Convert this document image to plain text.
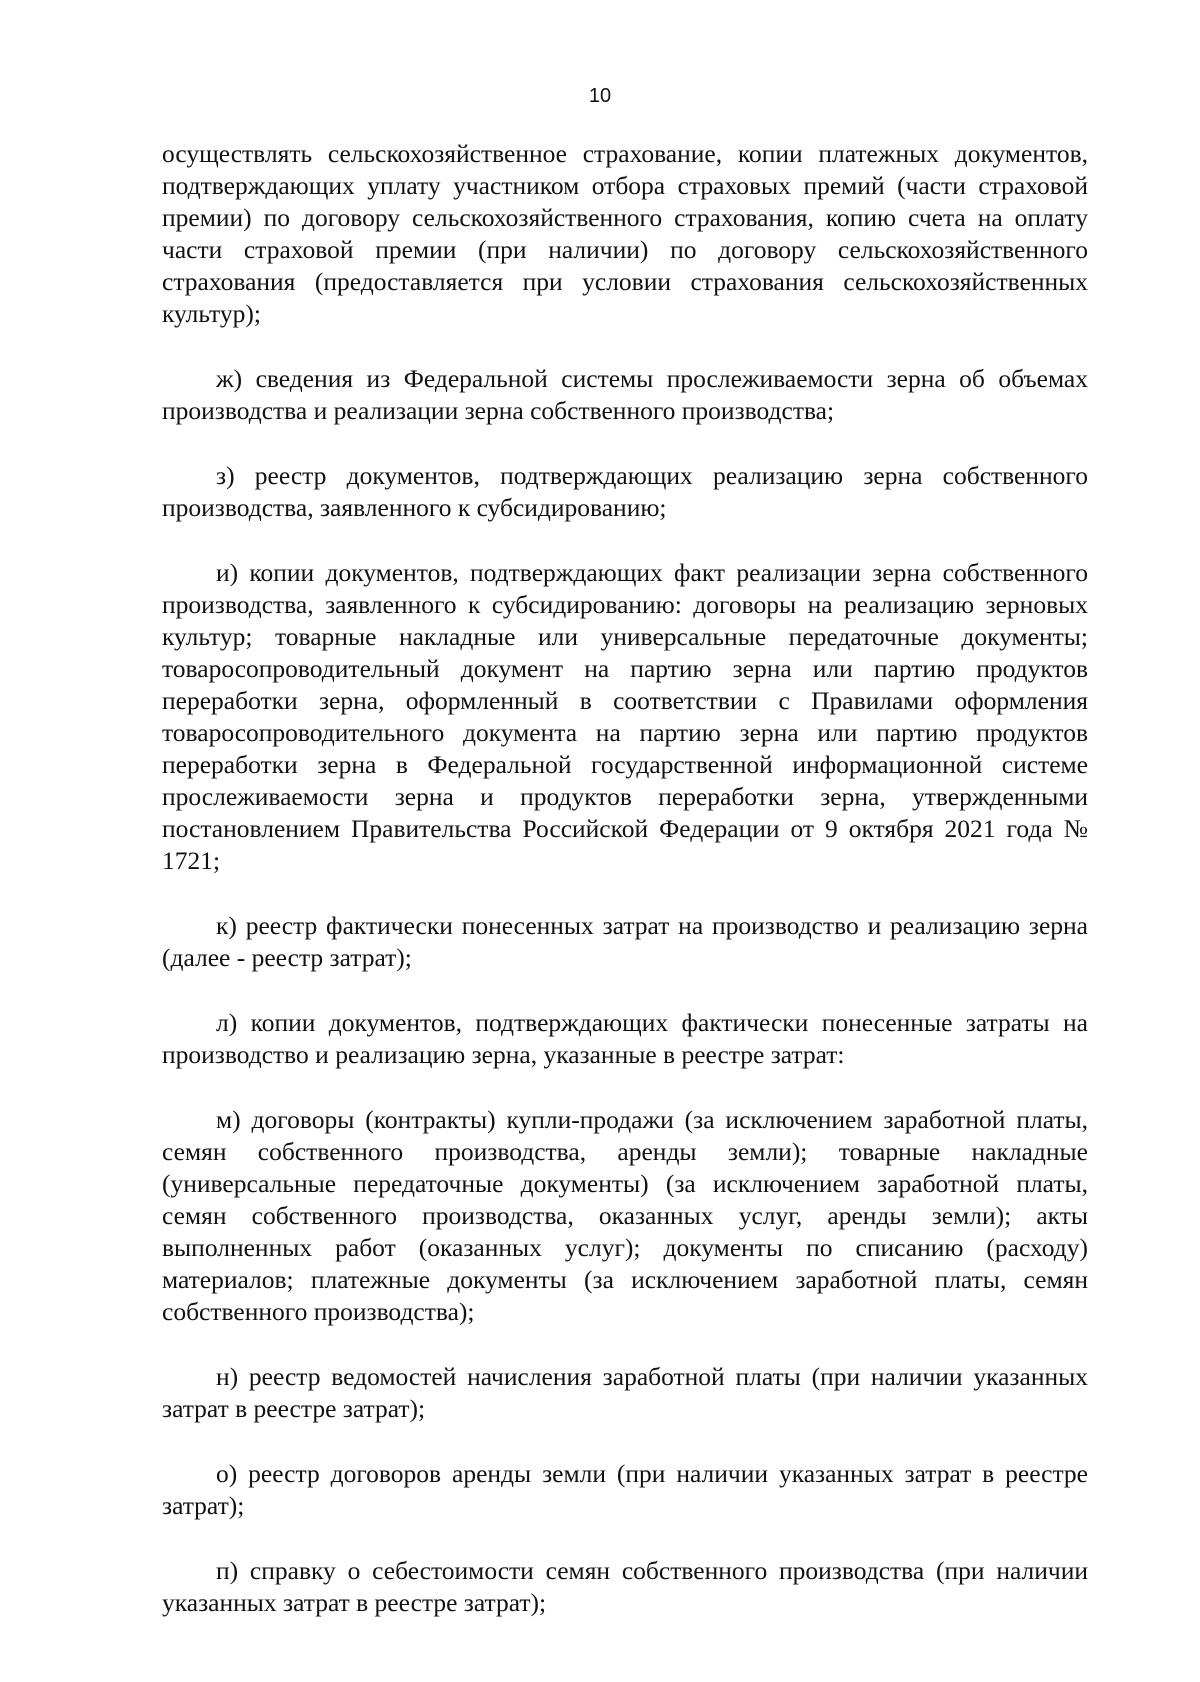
10

осуществлять сельскохозяйственное страхование, копии платежных документов, подтверждающих уплату участником отбора страховых премий (части страховой премии) по договору сельскохозяйственного страхования, копию счета на оплату части страховой премии (при наличии) по договору сельскохозяйственного страхования (предоставляется при условии страхования сельскохозяйственных культур);

ж) сведения из Федеральной системы прослеживаемости зерна об объемах производства и реализации зерна собственного производства;

з) реестр документов, подтверждающих реализацию зерна собственного производства, заявленного к субсидированию;

и) копии документов, подтверждающих факт реализации зерна собственного производства, заявленного к субсидированию: договоры на реализацию зерновых культур; товарные накладные или универсальные передаточные документы; товаросопроводительный документ на партию зерна или партию продуктов переработки зерна, оформленный в соответствии с Правилами оформления товаросопроводительного документа на партию зерна или партию продуктов переработки зерна в Федеральной государственной информационной системе прослеживаемости зерна и продуктов переработки зерна, утвержденными постановлением Правительства Российской Федерации от 9 октября 2021 года № 1721;

к) реестр фактически понесенных затрат на производство и реализацию зерна (далее - реестр затрат);

л) копии документов, подтверждающих фактически понесенные затраты на производство и реализацию зерна, указанные в реестре затрат:

м) договоры (контракты) купли-продажи (за исключением заработной платы, семян собственного производства, аренды земли); товарные накладные (универсальные передаточные документы) (за исключением заработной платы, семян собственного производства, оказанных услуг, аренды земли); акты выполненных работ (оказанных услуг); документы по списанию (расходу) материалов; платежные документы (за исключением заработной платы, семян собственного производства);

н) реестр ведомостей начисления заработной платы (при наличии указанных затрат в реестре затрат);

о) реестр договоров аренды земли (при наличии указанных затрат в реестре затрат);

п) справку о себестоимости семян собственного производства (при наличии указанных затрат в реестре затрат);
